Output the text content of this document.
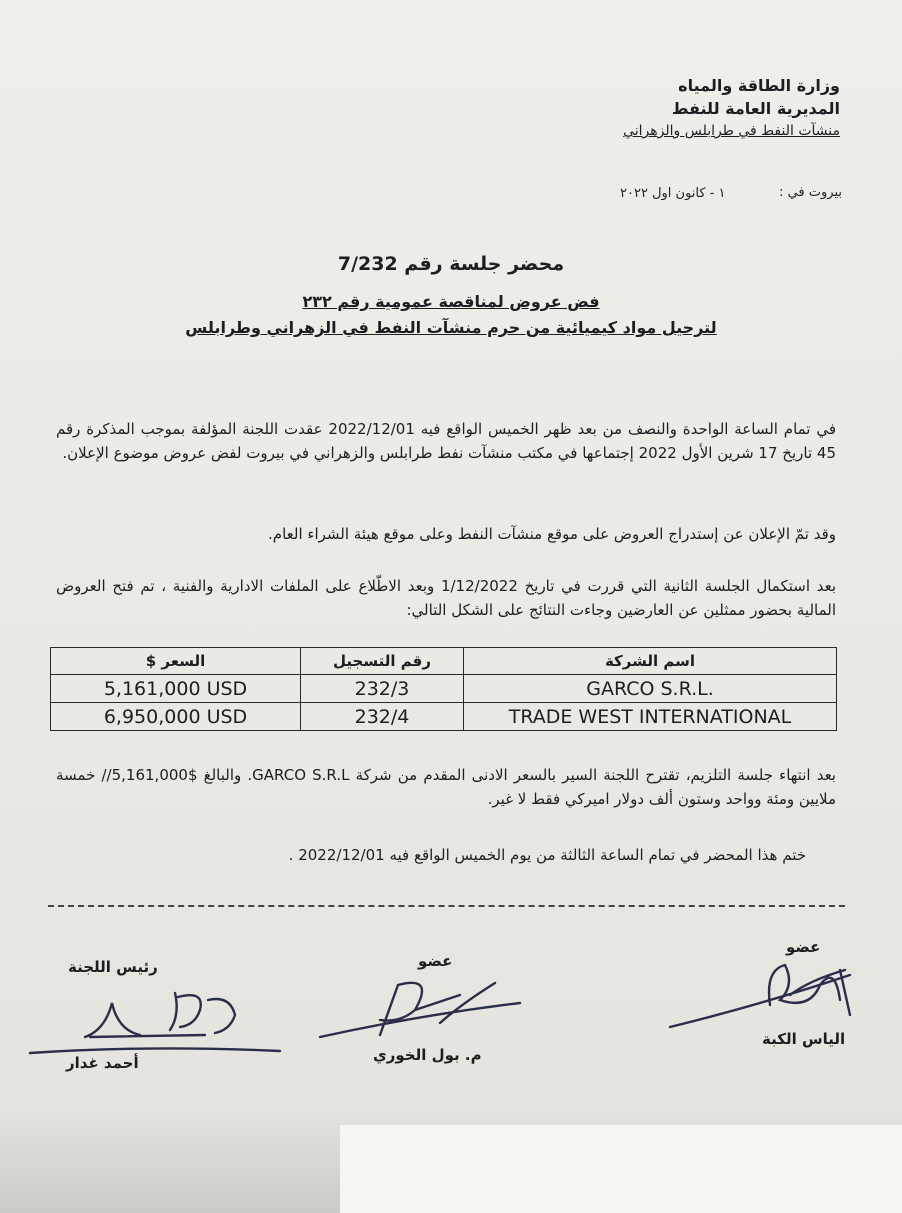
وزارة الطاقة والمياه
المديرية العامة للنفط
منشآت النفط في طرابلس والزهراني
بيروت في :
١ - كانون اول ٢٠٢٢
محضر جلسة رقم 7/232
فض عروض لمناقصة عمومية رقم ٢٣٢
لترحيل مواد كيميائية من حرم منشآت النفط في الزهراني وطرابلس
في تمام الساعة الواحدة والنصف من بعد ظهر الخميس الواقع فيه 2022/12/01 عقدت اللجنة المؤلفة بموجب المذكرة رقم 45 تاريخ 17 شرين الأول 2022 إجتماعها في مكتب منشآت نفط طرابلس والزهراني في بيروت لفض عروض موضوع الإعلان.
وقد تمّ الإعلان عن إستدراج العروض على موقع منشآت النفط وعلى موقع هيئة الشراء العام.
بعد استكمال الجلسة الثانية التي قررت في تاريخ 1/12/2022 وبعد الاطّلاع على الملفات الادارية والفنية ، تم فتح العروض المالية بحضور ممثلين عن العارضين وجاءت النتائج على الشكل التالي:
اسم الشركة	رقم التسجيل	السعر $
GARCO S.R.L.	232/3	5,161,000 USD
TRADE WEST INTERNATIONAL	232/4	6,950,000 USD
بعد انتهاء جلسة التلزيم، تقترح اللجنة السير بالسعر الادنى المقدم من شركة GARCO S.R.L. والبالغ $5,161,000// خمسة ملايين ومئة وواحد وستون ألف دولار اميركي فقط لا غير.
ختم هذا المحضر في تمام الساعة الثالثة من يوم الخميس الواقع فيه 2022/12/01 .
رئيس اللجنة
أحمد غدار
عضو
م. بول الخوري
عضو
الياس الكبة
